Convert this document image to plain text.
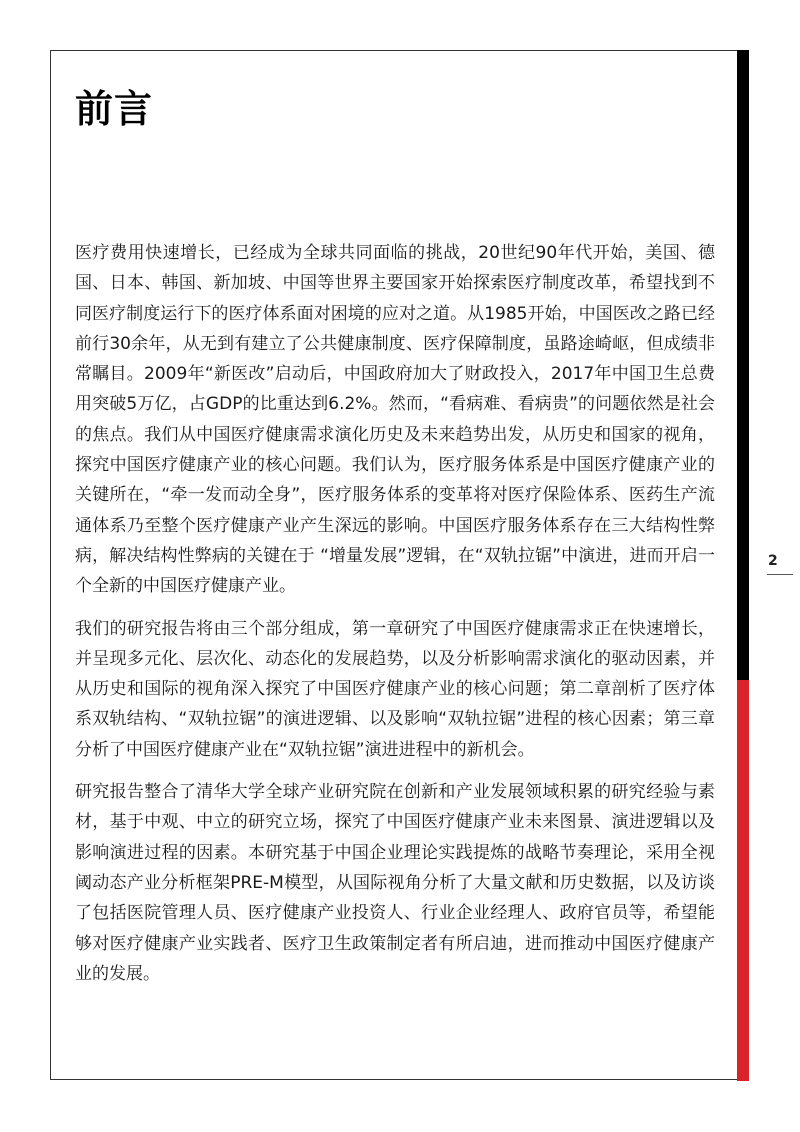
2
前言

医疗费用快速增长，已经成为全球共同面临的挑战，20世纪90年代开始，美国、德国、日本、韩国、新加坡、中国等世界主要国家开始探索医疗制度改革，希望找到不同医疗制度运行下的医疗体系面对困境的应对之道。从1985开始，中国医改之路已经前行30余年，从无到有建立了公共健康制度、医疗保障制度，虽路途崎岖，但成绩非常瞩目。2009年“新医改”启动后，中国政府加大了财政投入，2017年中国卫生总费用突破5万亿，占GDP的比重达到6.2%。然而，“看病难、看病贵”的问题依然是社会的焦点。我们从中国医疗健康需求演化历史及未来趋势出发，从历史和国家的视角，探究中国医疗健康产业的核心问题。我们认为，医疗服务体系是中国医疗健康产业的关键所在，“牵一发而动全身”，医疗服务体系的变革将对医疗保险体系、医药生产流通体系乃至整个医疗健康产业产生深远的影响。中国医疗服务体系存在三大结构性弊病，解决结构性弊病的关键在于 “增量发展”逻辑，在“双轨拉锯”中演进，进而开启一个全新的中国医疗健康产业。

我们的研究报告将由三个部分组成，第一章研究了中国医疗健康需求正在快速增长，并呈现多元化、层次化、动态化的发展趋势，以及分析影响需求演化的驱动因素，并从历史和国际的视角深入探究了中国医疗健康产业的核心问题；第二章剖析了医疗体系双轨结构、“双轨拉锯”的演进逻辑、以及影响“双轨拉锯”进程的核心因素；第三章分析了中国医疗健康产业在“双轨拉锯”演进进程中的新机会。

研究报告整合了清华大学全球产业研究院在创新和产业发展领域积累的研究经验与素材，基于中观、中立的研究立场，探究了中国医疗健康产业未来图景、演进逻辑以及影响演进过程的因素。本研究基于中国企业理论实践提炼的战略节奏理论，采用全视阈动态产业分析框架PRE-M模型，从国际视角分析了大量文献和历史数据，以及访谈了包括医院管理人员、医疗健康产业投资人、行业企业经理人、政府官员等，希望能够对医疗健康产业实践者、医疗卫生政策制定者有所启迪，进而推动中国医疗健康产业的发展。
